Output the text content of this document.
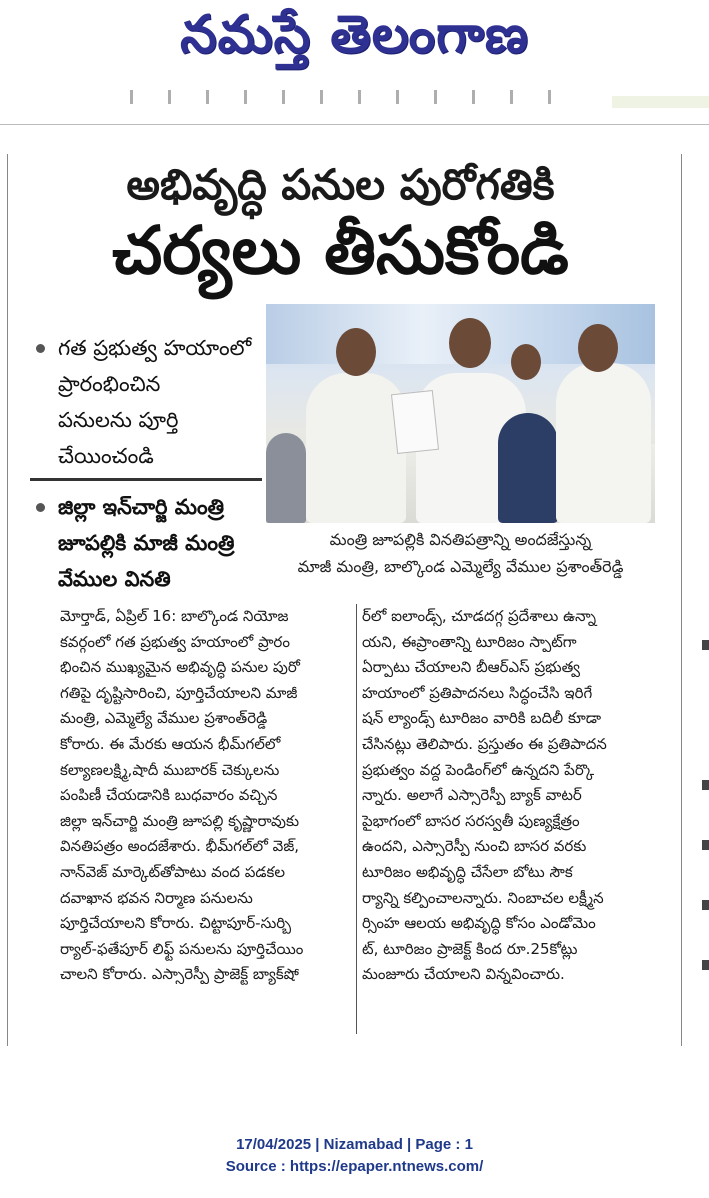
నమస్తే తెలంగాణ
అభివృద్ధి పనుల పురోగతికి
చర్యలు తీసుకోండి
గత ప్రభుత్వ హయాంలో
ప్రారంభించిన
పనులను పూర్తి
చేయించండి
జిల్లా ఇన్‌చార్జి మంత్రి
జూపల్లికి మాజీ మంత్రి
వేముల వినతి
మంత్రి జూపల్లికి వినతిపత్రాన్ని అందజేస్తున్న
మాజీ మంత్రి, బాల్కొండ ఎమ్మెల్యే వేముల ప్రశాంత్‌రెడ్డి
మోర్తాడ్‌, ఏప్రిల్‌ 16: బాల్కొండ నియోజ
కవర్గంలో గత ప్రభుత్వ హయాంలో ప్రారం
భించిన ముఖ్యమైన అభివృద్ధి పనుల పురో
గతిపై దృష్టిసారించి, పూర్తిచేయాలని మాజీ
మంత్రి, ఎమ్మెల్యే వేముల ప్రశాంత్‌రెడ్డి
కోరారు. ఈ మేరకు ఆయన భీమ్‌గల్‌లో
కల్యాణలక్ష్మి,షాదీ ముబారక్‌ చెక్కులను
పంపిణీ చేయడానికి బుధవారం వచ్చిన
జిల్లా ఇన్‌చార్జి మంత్రి జూపల్లి కృష్ణారావుకు
వినతిపత్రం అందజేశారు. భీమ్‌గల్‌లో వెజ్‌,
నాన్‌వెజ్‌ మార్కెట్‌తోపాటు వంద పడకల
దవాఖాన భవన నిర్మాణ పనులను
పూర్తిచేయాలని కోరారు. చిట్టాపూర్‌-సుర్బి
ర్యాల్‌-ఫతేపూర్‌ లిఫ్ట్‌ పనులను పూర్తిచేయిం
చాలని కోరారు. ఎస్సారెస్పీ ప్రాజెక్ట్‌ బ్యాక్‌షో
ర్‌లో ఐలాండ్స్‌, చూడదగ్గ ప్రదేశాలు ఉన్నా
యని, ఈప్రాంతాన్ని టూరిజం స్పాట్‌గా
ఏర్పాటు చేయాలని బీఆర్‌ఎస్‌ ప్రభుత్వ
హయాంలో ప్రతిపాదనలు సిద్ధంచేసి ఇరిగే
షన్‌ ల్యాండ్స్‌ టూరిజం వారికి బదిలీ కూడా
చేసినట్లు తెలిపారు. ప్రస్తుతం ఈ ప్రతిపాదన
ప్రభుత్వం వద్ద పెండింగ్‌లో ఉన్నదని పేర్కొ
న్నారు. అలాగే ఎస్సారెస్పీ బ్యాక్‌ వాటర్‌
పైభాగంలో బాసర సరస్వతీ పుణ్యక్షేత్రం
ఉందని, ఎస్సారెస్పీ నుంచి బాసర వరకు
టూరిజం అభివృద్ధి చేసేలా బోటు సౌక
ర్యాన్ని కల్పించాలన్నారు. నింబాచల లక్ష్మీన
ర్సింహ ఆలయ అభివృద్ధి కోసం ఎండోమెం
ట్‌, టూరిజం ప్రాజెక్ట్‌ కింద రూ.25కోట్లు
మంజూరు చేయాలని విన్నవించారు.
17/04/2025 | Nizamabad | Page : 1
Source : https://epaper.ntnews.com/
